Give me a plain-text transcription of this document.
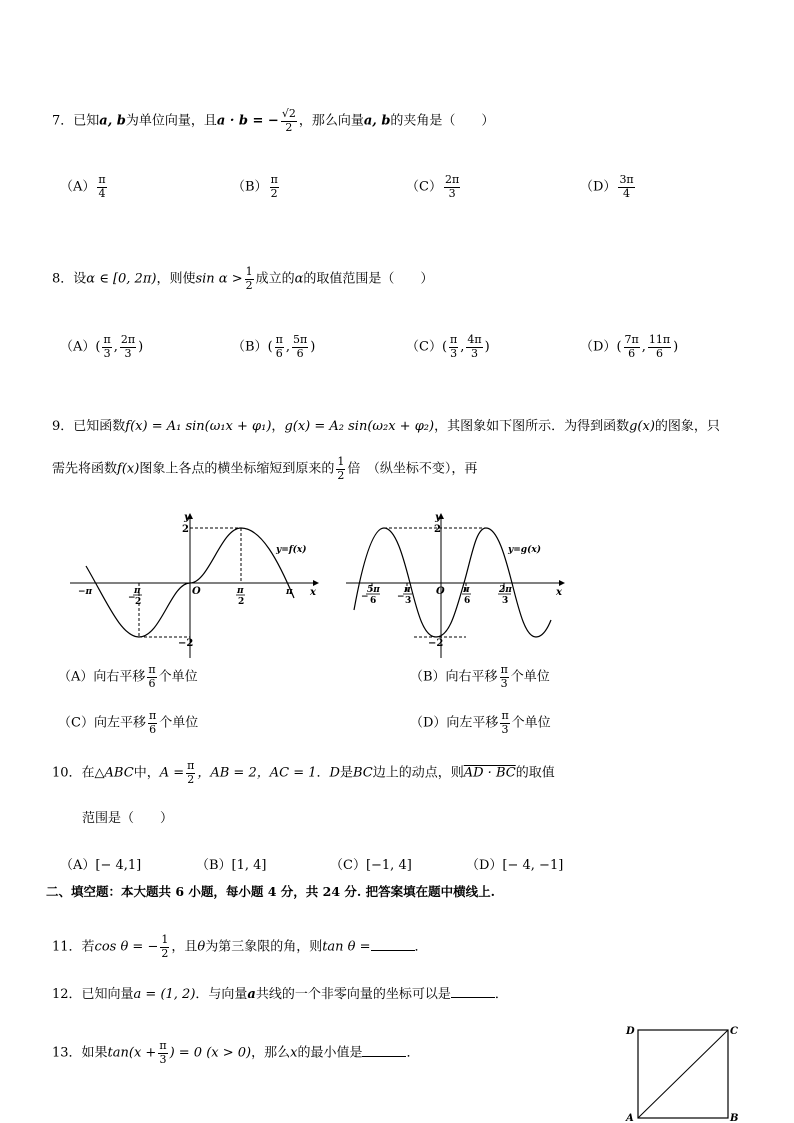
7．已知a, b为单位向量，且a · b = − $\frac{√2}{2}$ ，那么向量a, b的夹角是（　　）
$(A) \frac{\pi}{4}$	$(B) \frac{\pi}{2}$	$(C) \frac{2\pi}{3}$	$(D) \frac{3\pi}{4}$
8．设α ∈ [0, 2π)，则使$\sin \alpha > \frac{1}{2}$ 成立的α的取值范围是（　　）
$(A)( \frac{\pi}{3}$ , $\frac{2\pi}{3}$ )	$(B)( \frac{\pi}{6}$ , $\frac{5\pi}{6}$ )	$(C)( \frac{\pi}{3}$ , $\frac{4\pi}{3}$ )	$(D)( \frac{7\pi}{6}$ , $\frac{11\pi}{6}$ )
9．已知函数f(x) = A₁ sin(ω₁x + φ₁)，g(x) = A₂ sin(ω₂x + φ₂)，其图象如下图所示．为得到函数g(x)的图象，只
需先将函数f(x)图象上各点的横坐标缩短到原来的 $\frac{1}{2}$ 倍　（纵坐标不变），再
y
x
O
y=f(x)
2
−2
−π	π
−
π
2
π
2
y
x
O
y=g(x)
2
−2
−
5π
6 −
π
3
π
6
2π
3
（A）向右平移 $\frac{\pi}{6}$ 个单位	（B）向右平移 $\frac{\pi}{3}$ 个单位
（C）向左平移 $\frac{\pi}{6}$ 个单位	（D）向左平移 $\frac{\pi}{3}$ 个单位
10．在△ABC中，$A = \frac{\pi}{2}$ ，AB = 2，AC = 1．D是BC边上的动点，则AD · BC的取值
范围是（　　）
（A）[− 4,1]	（B）[1, 4]	（C）[−1, 4]	（D）[− 4, −1]
二、填空题：本大题共 6 小题，每小题 4 分，共 24 分. 把答案填在题中横线上.
11．若cos θ = − $\frac{1}{2}$ ，且θ为第三象限的角，则tan θ =	．
12．已知向量a = (1, 2)．与向量a共线的一个非零向量的坐标可以是	．
13．如果$\tan(x + \frac{\pi}{3}$ ) = 0 (x > 0)，那么x的最小值是	．
D	C
A	B
